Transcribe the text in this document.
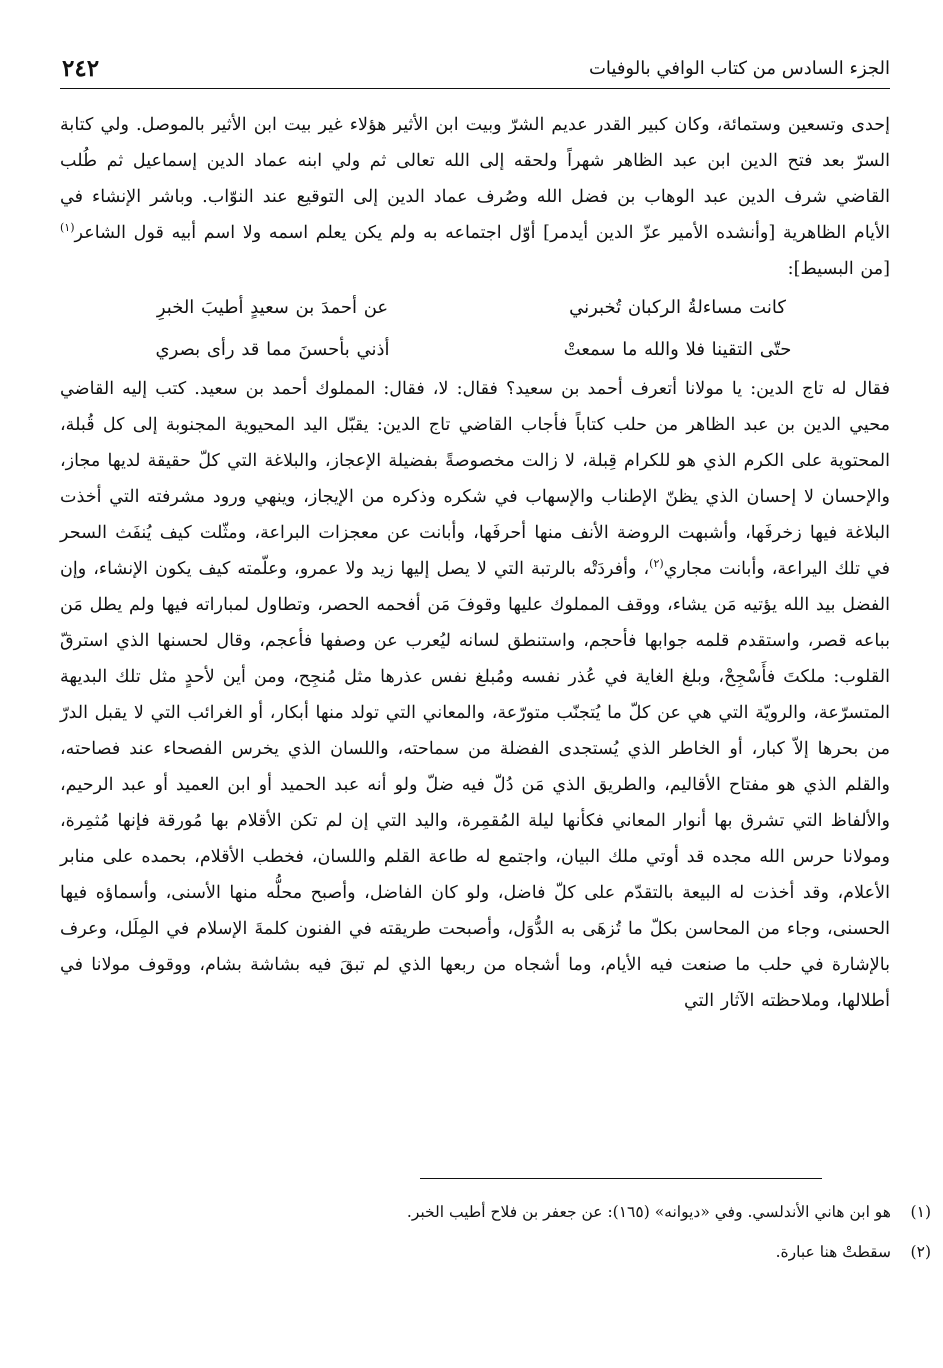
٢٤٢	الجزء السادس من كتاب الوافي بالوفيات

إحدى وتسعين وستمائة، وكان كبير القدر عديم الشرّ وبيت ابن الأثير هؤلاء غير بيت ابن الأثير بالموصل. ولي كتابة السرّ بعد فتح الدين ابن عبد الظاهر شهراً ولحقه إلى الله تعالى ثم ولي ابنه عماد الدين إسماعيل ثم طُلب القاضي شرف الدين عبد الوهاب بن فضل الله وصُرف عماد الدين إلى التوقيع عند النوّاب. وباشر الإنشاء في الأيام الظاهرية [وأنشده الأمير عزّ الدين أيدمر] أوّل اجتماعه به ولم يكن يعلم اسمه ولا اسم أبيه قول الشاعر$^{(١)}$ [من البسيط]:

كانت مساءلةُ الركبان تُخبرني
عن أحمدَ بن سعيدٍ أطيبَ الخبرِ
حتّى التقينا فلا والله ما سمعتْ
أذني بأحسنَ مما قد رأى بصري

فقال له تاج الدين: يا مولانا أتعرف أحمد بن سعيد؟ فقال: لا، فقال: المملوك أحمد بن سعيد. كتب إليه القاضي محيي الدين بن عبد الظاهر من حلب كتاباً فأجاب القاضي تاج الدين: يقبّل اليد المحيوية المجنوبة إلى كل قُبلة، المحتوية على الكرم الذي هو للكرام قِبلة، لا زالت مخصوصةً بفضيلة الإعجاز، والبلاغة التي كلّ حقيقة لديها مجاز، والإحسان لا إحسان الذي يظنّ الإطناب والإسهاب في شكره وذكره من الإيجاز، وينهي ورود مشرفته التي أخذت البلاغة فيها زخرفَها، وأشبهت الروضة الأنف منها أحرفَها، وأبانت عن معجزات البراعة، ومثّلت كيف يُنفَث السحر في تلك اليراعة، وأبانت مجاري$^{(٢)}$، وأفردَتْه بالرتبة التي لا يصل إليها زيد ولا عمرو، وعلّمته كيف يكون الإنشاء، وإن الفضل بيد الله يؤتيه مَن يشاء، ووقف المملوك عليها وقوفَ مَن أفحمه الحصر، وتطاول لمباراته فيها ولم يطل مَن بباعه قصر، واستقدم قلمه جوابها فأحجم، واستنطق لسانه ليُعرب عن وصفها فأعجم، وقال لحسنها الذي استرقّ القلوب: ملكتَ فأَسْجِحْ، وبلغ الغاية في عُذر نفسه ومُبلغ نفس عذرها مثل مُنجِح، ومن أين لأحدٍ مثل تلك البديهة المتسرّعة، والرويّة التي هي عن كلّ ما يُتجنّب متورّعة، والمعاني التي تولد منها أبكار، أو الغرائب التي لا يقبل الدرّ من بحرها إلاّ كبار، أو الخاطر الذي يُستجدى الفضلة من سماحته، واللسان الذي يخرس الفصحاء عند فصاحته، والقلم الذي هو مفتاح الأقاليم، والطريق الذي مَن دُلّ فيه ضلّ ولو أنه عبد الحميد أو ابن العميد أو عبد الرحيم، والألفاظ التي تشرق بها أنوار المعاني فكأنها ليلة المُقمِرة، واليد التي إن لم تكن الأقلام بها مُورقة فإنها مُثمِرة، ومولانا حرس الله مجده قد أوتي ملك البيان، واجتمع له طاعة القلم واللسان، فخطب الأقلام، بحمده على منابر الأعلام، وقد أخذت له البيعة بالتقدّم على كلّ فاضل، ولو كان الفاضل، وأصبح محلُّه منها الأسنى، وأسماؤه فيها الحسنى، وجاء من المحاسن بكلّ ما تُزهَى به الدُّوَل، وأصبحت طريقته في الفنون كلمةَ الإسلام في المِلَل، وعرف بالإشارة في حلب ما صنعت فيه الأيام، وما أشجاه من ربعها الذي لم تبقَ فيه بشاشة بشام، ووقوف مولانا في أطلالها، وملاحظته الآثار التي

(١)
هو ابن هاني الأندلسي. وفي «ديوانه» (١٦٥): عن جعفر بن فلاح أطيب الخبر.
(٢)
سقطتْ هنا عبارة.
